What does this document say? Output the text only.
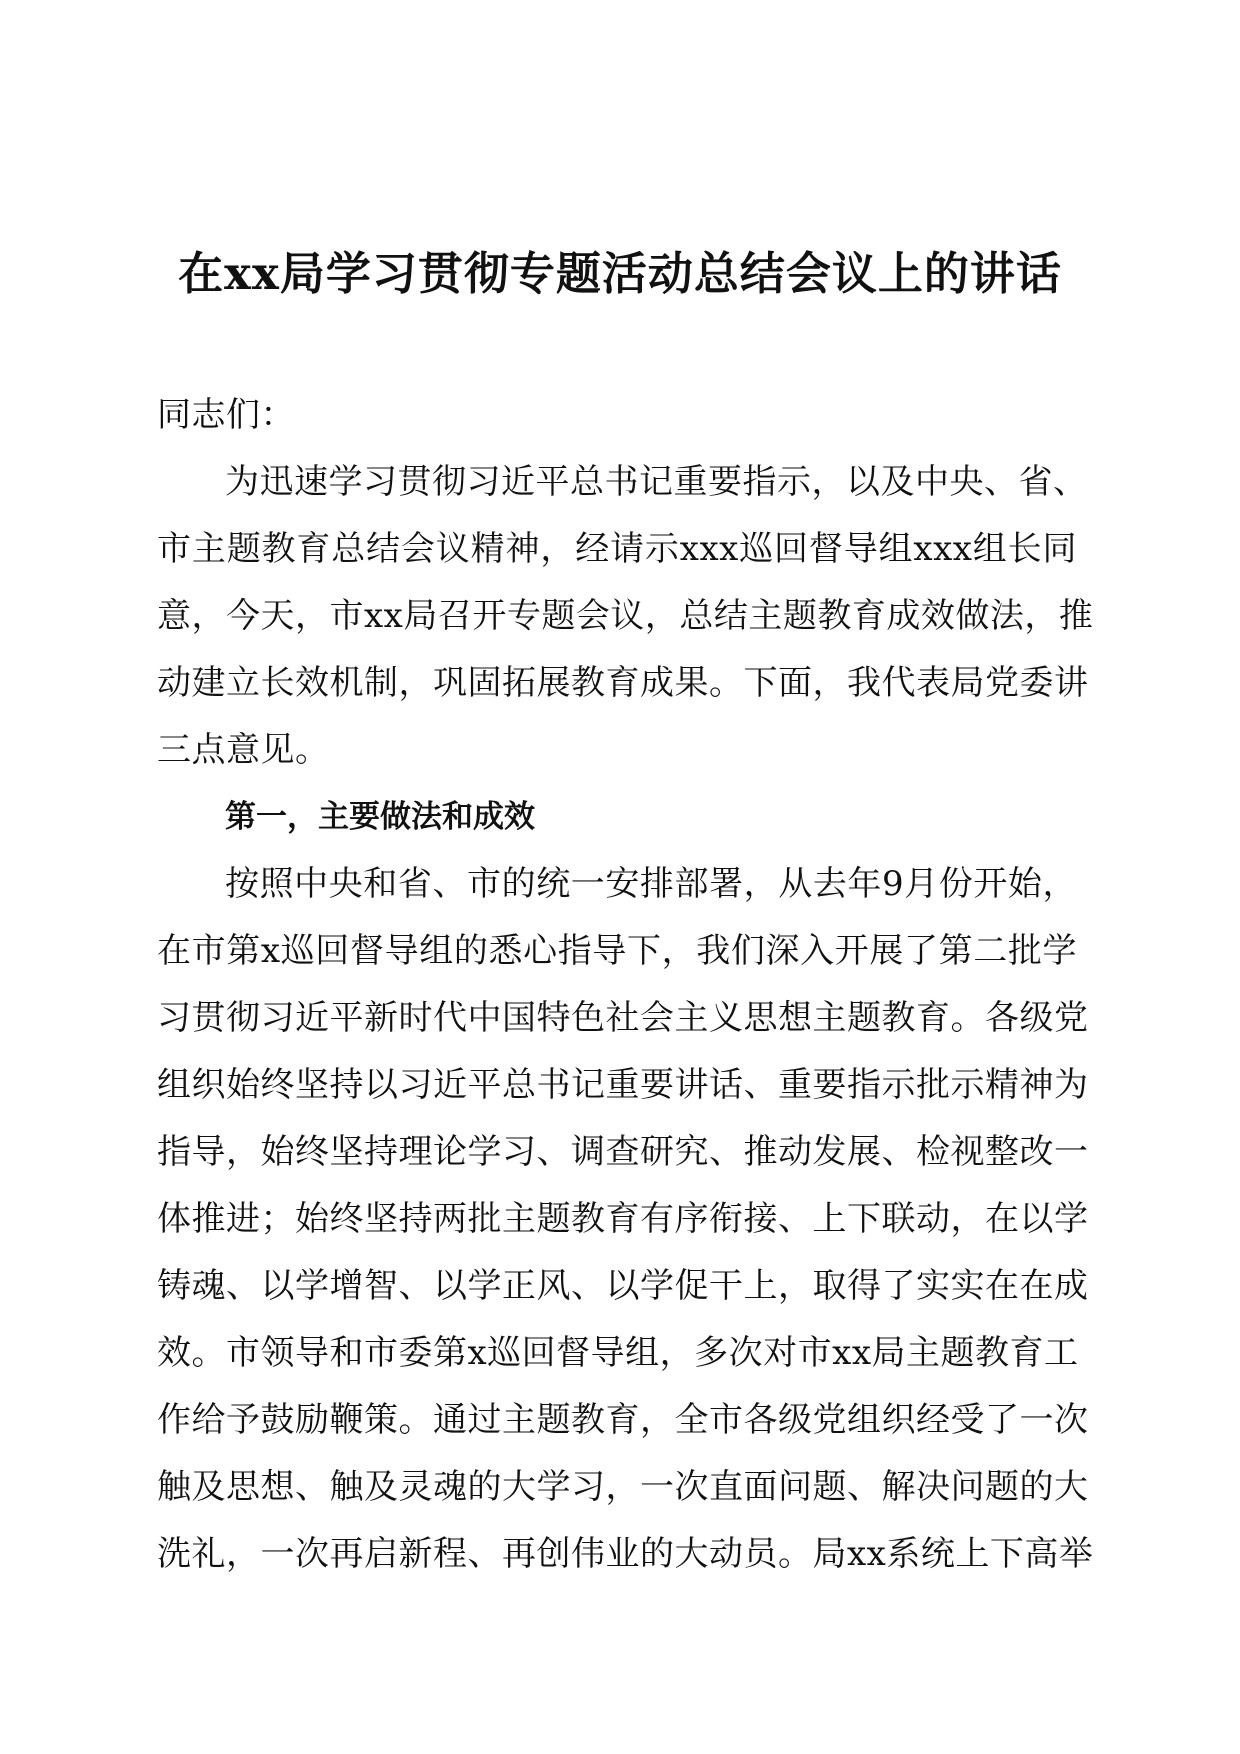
在xx局学习贯彻专题活动总结会议上的讲话
同志们：
为迅速学习贯彻习近平总书记重要指示，以及中央、省、
市主题教育总结会议精神，经请示xxx巡回督导组xxx组长同
意，今天，市xx局召开专题会议，总结主题教育成效做法，推
动建立长效机制，巩固拓展教育成果。下面，我代表局党委讲
三点意见。
第一，主要做法和成效
按照中央和省、市的统一安排部署，从去年9月份开始，
在市第x巡回督导组的悉心指导下，我们深入开展了第二批学
习贯彻习近平新时代中国特色社会主义思想主题教育。各级党
组织始终坚持以习近平总书记重要讲话、重要指示批示精神为
指导，始终坚持理论学习、调查研究、推动发展、检视整改一
体推进；始终坚持两批主题教育有序衔接、上下联动，在以学
铸魂、以学增智、以学正风、以学促干上，取得了实实在在成
效。市领导和市委第x巡回督导组，多次对市xx局主题教育工
作给予鼓励鞭策。通过主题教育，全市各级党组织经受了一次
触及思想、触及灵魂的大学习，一次直面问题、解决问题的大
洗礼，一次再启新程、再创伟业的大动员。局xx系统上下高举
